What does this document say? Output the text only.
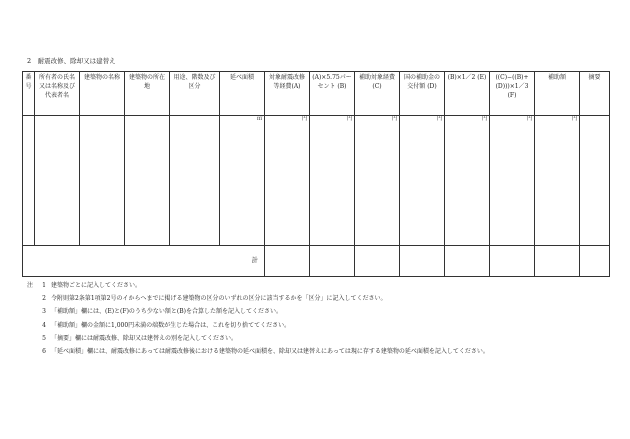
2　耐震改修、除却又は建替え
番号	所有者の氏名又は名称及び代表者名	建築物の名称	建築物の所在地	用途、階数及び区分	延べ面積	対象耐震改修等経費(A)	(A)×5.75パーセント (B)	補助対象経費(C)	国の補助金の交付額 (D)	(B)×1／2 (E)	((C)−((B)+(D)))×1／3 (F)	補助額	摘要

					㎡	円	円	円	円	円	円	円	

計													
注 1 建築物ごとに記入してください。
2 令附則第2条第1項第2号のイからへまでに掲げる建築物の区分のいずれの区分に該当するかを「区分」に記入してください。
3 「補助額」欄には、(E)と(F)のうち少ない額と(B)を合算した額を記入してください。
4 「補助額」欄の金額に1,000円未満の端数が生じた場合は、これを切り捨ててください。
5 「摘要」欄には耐震改修、除却又は建替えの別を記入してください。
6 「延べ面積」欄には、耐震改修にあっては耐震改修後における建築物の延べ面積を、除却又は建替えにあっては現に存する建築物の延べ面積を記入してください。
